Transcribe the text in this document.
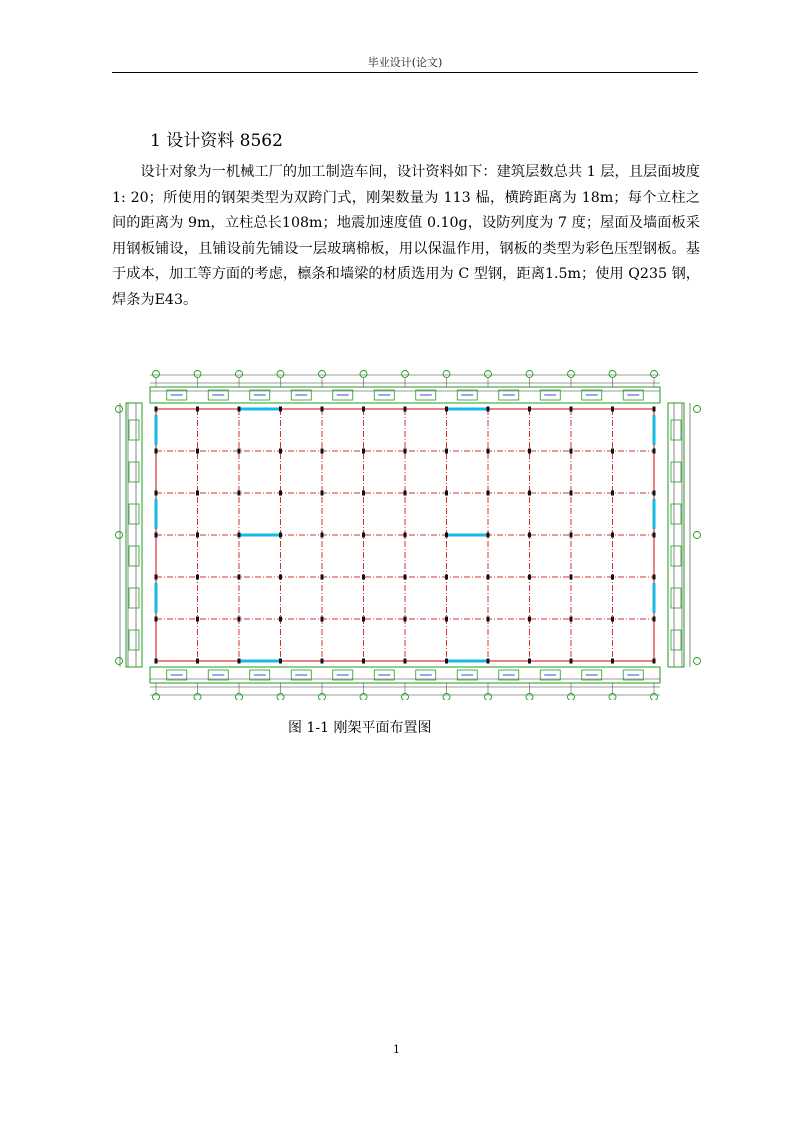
毕业设计(论文)
1 设计资料 8562

设计对象为一机械工厂的加工制造车间，设计资料如下：建筑层数总共 1 层，且层面坡度1: 20；所使用的钢架类型为双跨门式，刚架数量为 113 榀，横跨距离为 18m；每个立柱之间的距离为 9m，立柱总长108m；地震加速度值 0.10g，设防列度为 7 度；屋面及墙面板采用钢板铺设，且铺设前先铺设一层玻璃棉板，用以保温作用，钢板的类型为彩色压型钢板。基于成本，加工等方面的考虑，檩条和墙梁的材质选用为 C 型钢，距离1.5m；使用 Q235 钢，焊条为E43。

图 1-1 刚架平面布置图
1
